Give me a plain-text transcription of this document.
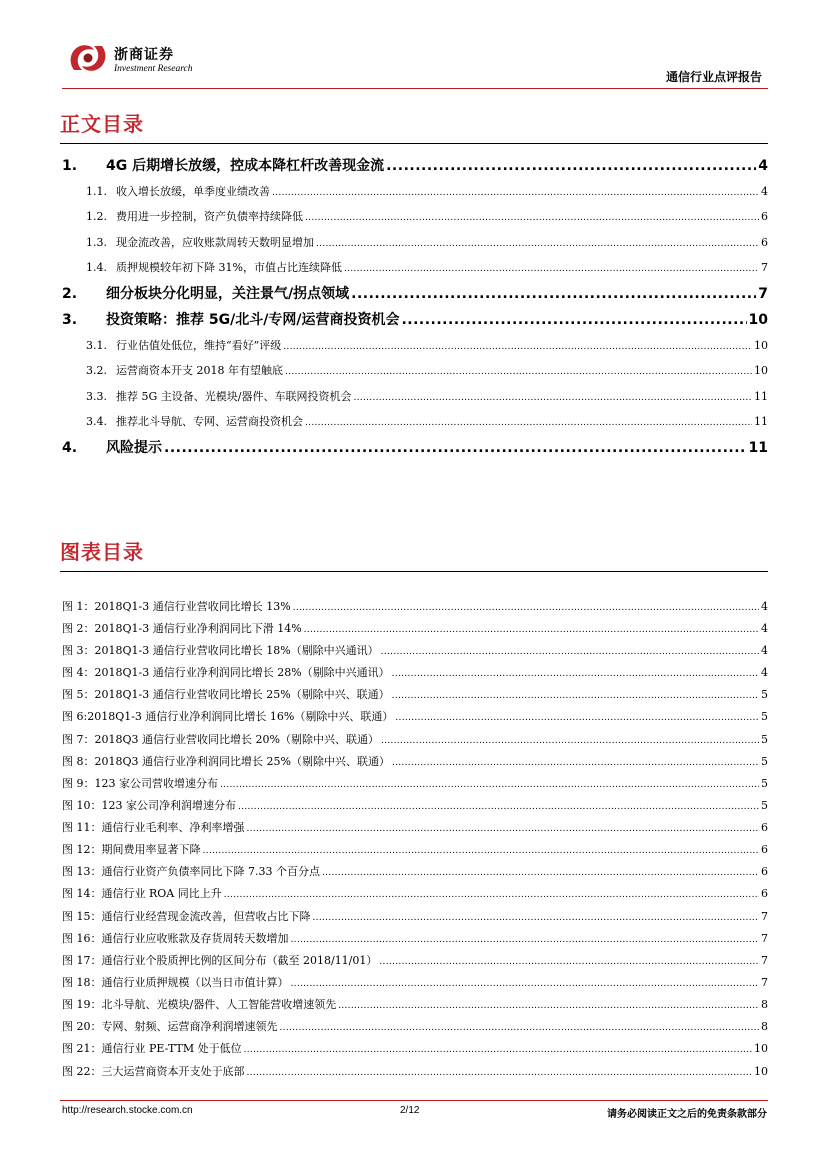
浙商证券
Investment Research
通信行业点评报告
正文目录
1.	4G 后期增长放缓，控成本降杠杆改善现金流 .....	4
1.1. 收入增长放缓，单季度业绩改善 .....	4
1.2. 费用进一步控制，资产负债率持续降低 .....	6
1.3. 现金流改善，应收账款周转天数明显增加 .....	6
1.4. 质押规模较年初下降 31%，市值占比连续降低 .....	7
2.	细分板块分化明显，关注景气/拐点领域 .....	7
3.	投资策略：推荐 5G/北斗/专网/运营商投资机会 .....	10
3.1. 行业估值处低位，维持“看好”评级 .....	10
3.2. 运营商资本开支 2018 年有望触底 .....	10
3.3. 推荐 5G 主设备、光模块/器件、车联网投资机会 .....	11
3.4. 推荐北斗导航、专网、运营商投资机会 .....	11
4.	风险提示 .....	11
图表目录
图 1：2018Q1-3 通信行业营收同比增长 13% .....	4
图 2：2018Q1-3 通信行业净利润同比下滑 14% .....	4
图 3：2018Q1-3 通信行业营收同比增长 18%（剔除中兴通讯） .....	4
图 4：2018Q1-3 通信行业净利润同比增长 28%（剔除中兴通讯） .....	4
图 5：2018Q1-3 通信行业营收同比增长 25%（剔除中兴、联通） .....	5
图 6:2018Q1-3 通信行业净利润同比增长 16%（剔除中兴、联通） .....	5
图 7：2018Q3 通信行业营收同比增长 20%（剔除中兴、联通） .....	5
图 8：2018Q3 通信行业净利润同比增长 25%（剔除中兴、联通） .....	5
图 9：123 家公司营收增速分布 .....	5
图 10：123 家公司净利润增速分布 .....	5
图 11：通信行业毛利率、净利率增强 .....	6
图 12：期间费用率显著下降 .....	6
图 13：通信行业资产负债率同比下降 7.33 个百分点 .....	6
图 14：通信行业 ROA 同比上升 .....	6
图 15：通信行业经营现金流改善，但营收占比下降 .....	7
图 16：通信行业应收账款及存货周转天数增加 .....	7
图 17：通信行业个股质押比例的区间分布（截至 2018/11/01） .....	7
图 18：通信行业质押规模（以当日市值计算） .....	7
图 19：北斗导航、光模块/器件、人工智能营收增速领先 .....	8
图 20：专网、射频、运营商净利润增速领先 .....	8
图 21：通信行业 PE-TTM 处于低位 .....	10
图 22：三大运营商资本开支处于底部 .....	10
http://research.stocke.com.cn	2/12	请务必阅读正文之后的免责条款部分
